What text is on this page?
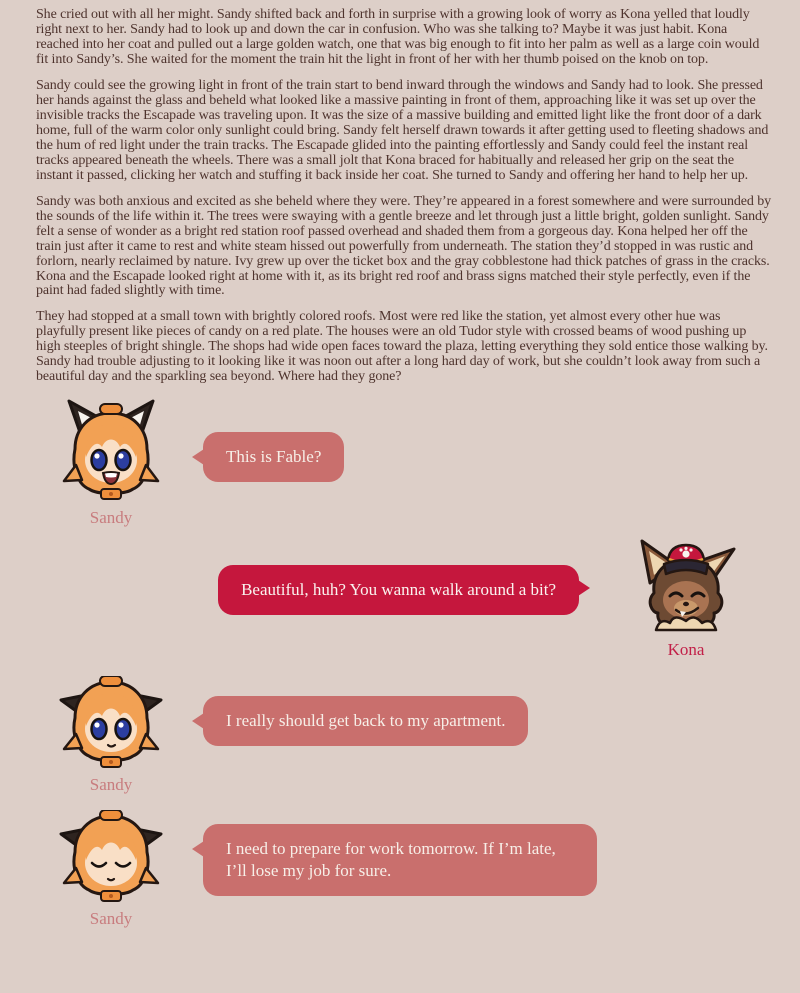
She cried out with all her might. Sandy shifted back and forth in surprise with a growing look of worry as Kona yelled that loudly right next to her. Sandy had to look up and down the car in confusion. Who was she talking to? Maybe it was just habit. Kona reached into her coat and pulled out a large golden watch, one that was big enough to fit into her palm as well as a large coin would fit into Sandy’s. She waited for the moment the train hit the light in front of her with her thumb poised on the knob on top.

Sandy could see the growing light in front of the train start to bend inward through the windows and Sandy had to look. She pressed her hands against the glass and beheld what looked like a massive painting in front of them, approaching like it was set up over the invisible tracks the Escapade was traveling upon. It was the size of a massive building and emitted light like the front door of a dark home, full of the warm color only sunlight could bring. Sandy felt herself drawn towards it after getting used to fleeting shadows and the hum of red light under the train tracks. The Escapade glided into the painting effortlessly and Sandy could feel the instant real tracks appeared beneath the wheels. There was a small jolt that Kona braced for habitually and released her grip on the seat the instant it passed, clicking her watch and stuffing it back inside her coat. She turned to Sandy and offering her hand to help her up.

Sandy was both anxious and excited as she beheld where they were. They’re appeared in a forest somewhere and were surrounded by the sounds of the life within it. The trees were swaying with a gentle breeze and let through just a little bright, golden sunlight. Sandy felt a sense of wonder as a bright red station roof passed overhead and shaded them from a gorgeous day. Kona helped her off the train just after it came to rest and white steam hissed out powerfully from underneath. The station they’d stopped in was rustic and forlorn, nearly reclaimed by nature. Ivy grew up over the ticket box and the gray cobblestone had thick patches of grass in the cracks. Kona and the Escapade looked right at home with it, as its bright red roof and brass signs matched their style perfectly, even if the paint had faded slightly with time.

They had stopped at a small town with brightly colored roofs. Most were red like the station, yet almost every other hue was playfully present like pieces of candy on a red plate. The houses were an old Tudor style with crossed beams of wood pushing up high steeples of bright shingle. The shops had wide open faces toward the plaza, letting everything they sold entice those walking by. Sandy had trouble adjusting to it looking like it was noon out after a long hard day of work, but she couldn’t look away from such a beautiful day and the sparkling sea beyond. Where had they gone?

Sandy
This is Fable?
Beautiful, huh? You wanna walk around a bit?
Kona
Sandy
I really should get back to my apartment.
Sandy
I need to prepare for work tomorrow. If I’m late, I’ll lose my job for sure.
